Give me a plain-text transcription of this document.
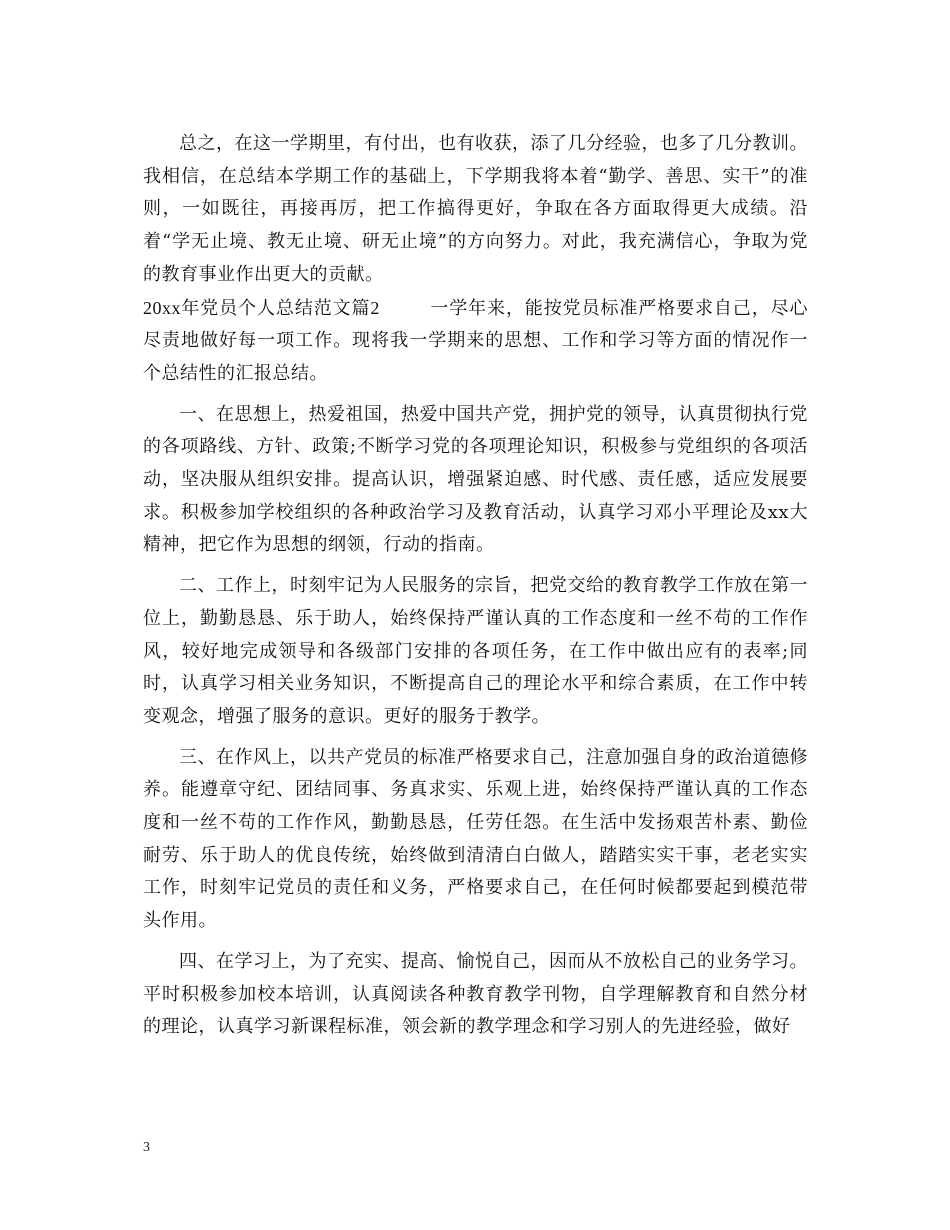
总之，在这一学期里，有付出，也有收获，添了几分经验，也多了几分教训。我相信，在总结本学期工作的基础上，下学期我将本着“勤学、善思、实干”的准则，一如既往，再接再厉，把工作搞得更好，争取在各方面取得更大成绩。沿着“学无止境、教无止境、研无止境”的方向努力。对此，我充满信心，争取为党的教育事业作出更大的贡献。

20xx年党员个人总结范文篇2	一学年来，能按党员标准严格要求自己，尽心尽责地做好每一项工作。现将我一学期来的思想、工作和学习等方面的情况作一个总结性的汇报总结。

一、在思想上，热爱祖国，热爱中国共产党，拥护党的领导，认真贯彻执行党的各项路线、方针、政策;不断学习党的各项理论知识，积极参与党组织的各项活动，坚决服从组织安排。提高认识，增强紧迫感、时代感、责任感，适应发展要求。积极参加学校组织的各种政治学习及教育活动，认真学习邓小平理论及xx大精神，把它作为思想的纲领，行动的指南。

二、工作上，时刻牢记为人民服务的宗旨，把党交给的教育教学工作放在第一位上，勤勤恳恳、乐于助人，始终保持严谨认真的工作态度和一丝不苟的工作作风，较好地完成领导和各级部门安排的各项任务，在工作中做出应有的表率;同时，认真学习相关业务知识，不断提高自己的理论水平和综合素质，在工作中转变观念，增强了服务的意识。更好的服务于教学。

三、在作风上，以共产党员的标准严格要求自己，注意加强自身的政治道德修养。能遵章守纪、团结同事、务真求实、乐观上进，始终保持严谨认真的工作态度和一丝不苟的工作作风，勤勤恳恳，任劳任怨。在生活中发扬艰苦朴素、勤俭耐劳、乐于助人的优良传统，始终做到清清白白做人，踏踏实实干事，老老实实工作，时刻牢记党员的责任和义务，严格要求自己，在任何时候都要起到模范带头作用。

四、在学习上，为了充实、提高、愉悦自己，因而从不放松自己的业务学习。平时积极参加校本培训，认真阅读各种教育教学刊物，自学理解教育和自然分材的理论，认真学习新课程标准，领会新的教学理念和学习别人的先进经验，做好

3
